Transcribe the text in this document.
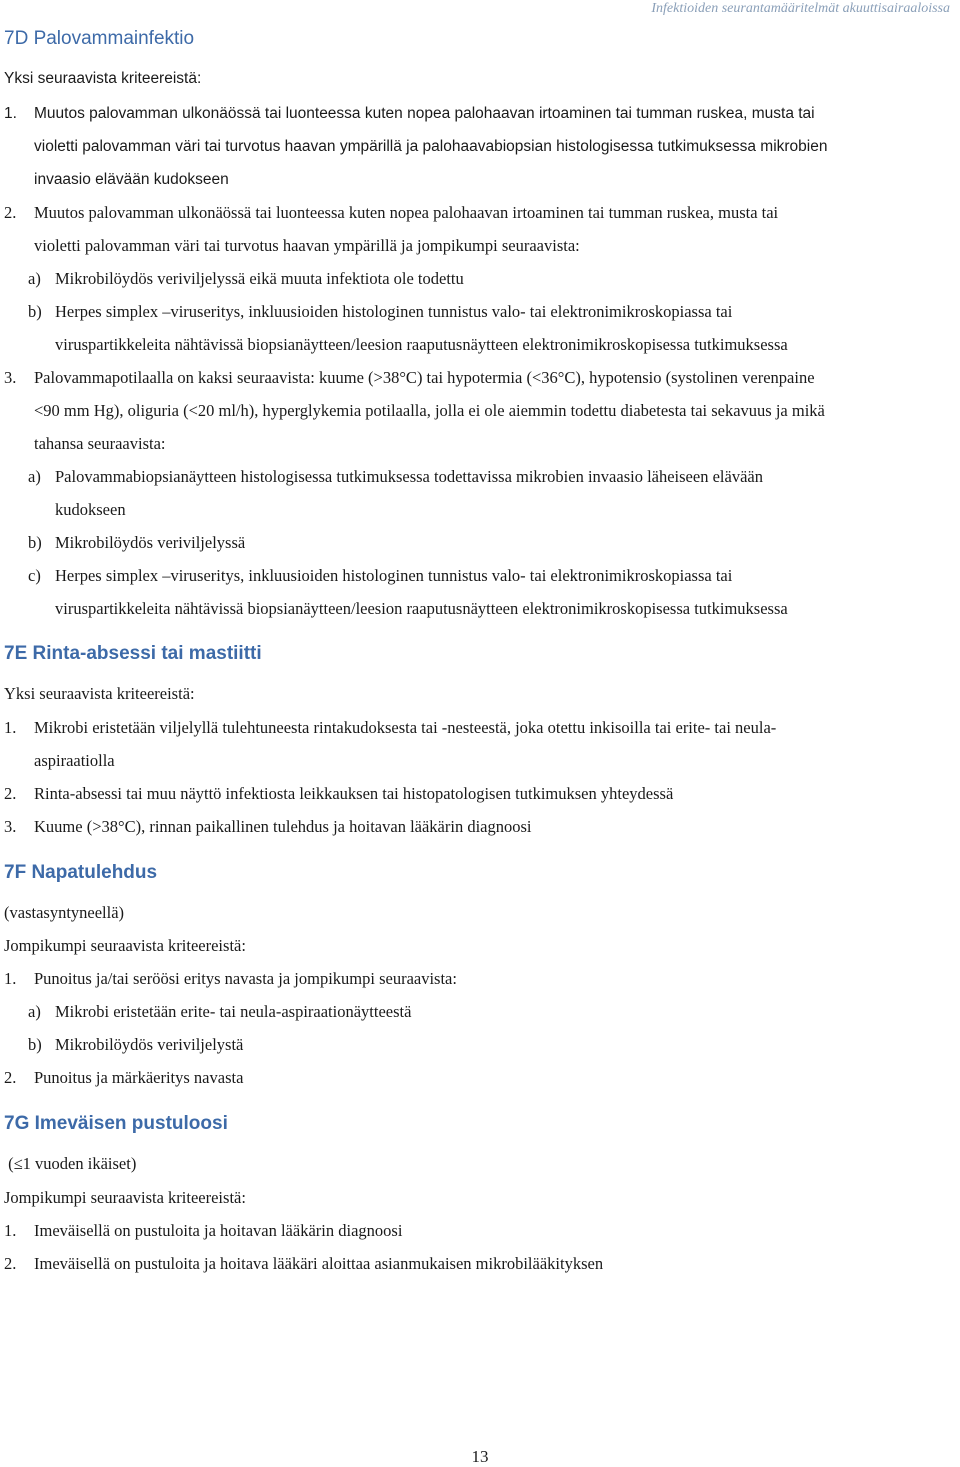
Infektioiden seurantamääritelmät akuuttisairaaloissa
7D Palovammainfektio
Yksi seuraavista kriteereistä:
1. Muutos palovamman ulkonäössä tai luonteessa kuten nopea palohaavan irtoaminen tai tumman ruskea, musta tai
violetti palovamman väri tai turvotus haavan ympärillä ja palohaavabiopsian histologisessa tutkimuksessa mikrobien
invaasio elävään kudokseen
2. Muutos palovamman ulkonäössä tai luonteessa kuten nopea palohaavan irtoaminen tai tumman ruskea, musta tai
violetti palovamman väri tai turvotus haavan ympärillä ja jompikumpi seuraavista:
a) Mikrobilöydös veriviljelyssä eikä muuta infektiota ole todettu
b) Herpes simplex –viruseritys, inkluusioiden histologinen tunnistus valo- tai elektronimikroskopiassa tai
viruspartikkeleita nähtävissä biopsianäytteen/leesion raaputusnäytteen elektronimikroskopisessa tutkimuksessa
3. Palovammapotilaalla on kaksi seuraavista: kuume (>38°C) tai hypotermia (<36°C), hypotensio (systolinen verenpaine
<90 mm Hg), oliguria (<20 ml/h), hyperglykemia potilaalla, jolla ei ole aiemmin todettu diabetesta tai sekavuus ja mikä
tahansa seuraavista:
a) Palovammabiopsianäytteen histologisessa tutkimuksessa todettavissa mikrobien invaasio läheiseen elävään
kudokseen
b) Mikrobilöydös veriviljelyssä
c) Herpes simplex –viruseritys, inkluusioiden histologinen tunnistus valo- tai elektronimikroskopiassa tai
viruspartikkeleita nähtävissä biopsianäytteen/leesion raaputusnäytteen elektronimikroskopisessa tutkimuksessa
7E Rinta-absessi tai mastiitti
Yksi seuraavista kriteereistä:
1. Mikrobi eristetään viljelyllä tulehtuneesta rintakudoksesta tai -nesteestä, joka otettu inkisoilla tai erite- tai neula-
aspiraatiolla
2. Rinta-absessi tai muu näyttö infektiosta leikkauksen tai histopatologisen tutkimuksen yhteydessä
3. Kuume (>38°C), rinnan paikallinen tulehdus ja hoitavan lääkärin diagnoosi
7F Napatulehdus
(vastasyntyneellä)
Jompikumpi seuraavista kriteereistä:
1. Punoitus ja/tai seröösi eritys navasta ja jompikumpi seuraavista:
a) Mikrobi eristetään erite- tai neula-aspiraationäytteestä
b) Mikrobilöydös veriviljelystä
2. Punoitus ja märkäeritys navasta
7G Imeväisen pustuloosi
(≤1 vuoden ikäiset)
Jompikumpi seuraavista kriteereistä:
1. Imeväisellä on pustuloita ja hoitavan lääkärin diagnoosi
2. Imeväisellä on pustuloita ja hoitava lääkäri aloittaa asianmukaisen mikrobilääkityksen
13
